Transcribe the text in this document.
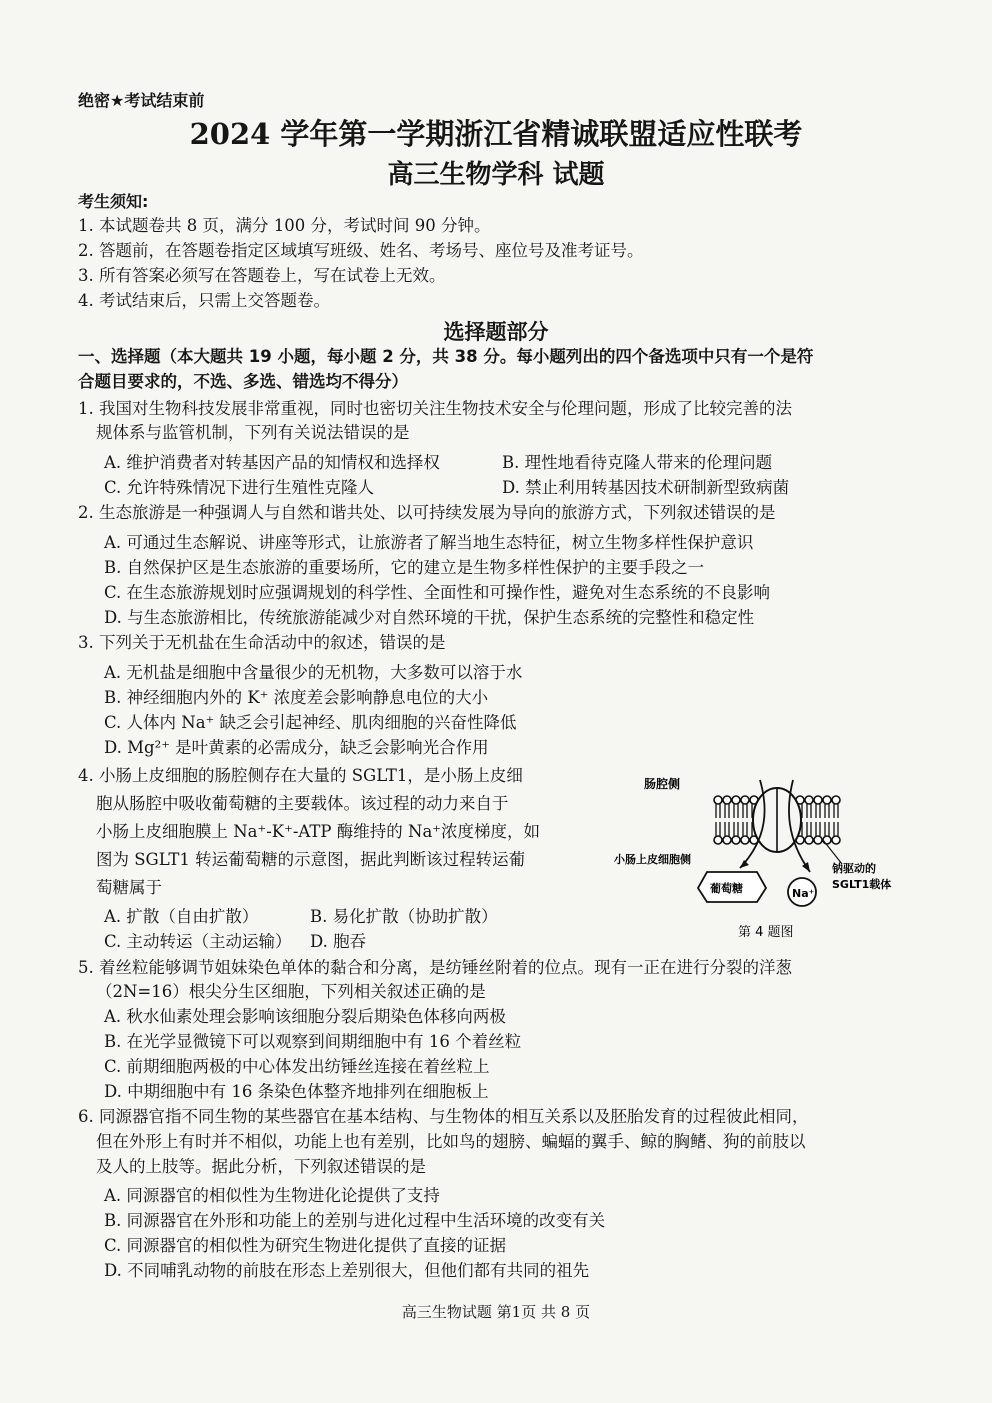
绝密★考试结束前
2024 学年第一学期浙江省精诚联盟适应性联考
高三生物学科 试题
考生须知:
1. 本试题卷共 8 页，满分 100 分，考试时间 90 分钟。
2. 答题前，在答题卷指定区域填写班级、姓名、考场号、座位号及准考证号。
3. 所有答案必须写在答题卷上，写在试卷上无效。
4. 考试结束后，只需上交答题卷。
选择题部分
一、选择题（本大题共 19 小题，每小题 2 分，共 38 分。每小题列出的四个备选项中只有一个是符
合题目要求的，不选、多选、错选均不得分）
1. 我国对生物科技发展非常重视，同时也密切关注生物技术安全与伦理问题，形成了比较完善的法
规体系与监管机制，下列有关说法错误的是
A. 维护消费者对转基因产品的知情权和选择权	B. 理性地看待克隆人带来的伦理问题
C. 允许特殊情况下进行生殖性克隆人	D. 禁止利用转基因技术研制新型致病菌
2. 生态旅游是一种强调人与自然和谐共处、以可持续发展为导向的旅游方式，下列叙述错误的是
A. 可通过生态解说、讲座等形式，让旅游者了解当地生态特征，树立生物多样性保护意识
B. 自然保护区是生态旅游的重要场所，它的建立是生物多样性保护的主要手段之一
C. 在生态旅游规划时应强调规划的科学性、全面性和可操作性，避免对生态系统的不良影响
D. 与生态旅游相比，传统旅游能减少对自然环境的干扰，保护生态系统的完整性和稳定性
3. 下列关于无机盐在生命活动中的叙述，错误的是
A. 无机盐是细胞中含量很少的无机物，大多数可以溶于水
B. 神经细胞内外的 K⁺ 浓度差会影响静息电位的大小
C. 人体内 Na⁺ 缺乏会引起神经、肌肉细胞的兴奋性降低
D. Mg²⁺ 是叶黄素的必需成分，缺乏会影响光合作用
4. 小肠上皮细胞的肠腔侧存在大量的 SGLT1，是小肠上皮细
胞从肠腔中吸收葡萄糖的主要载体。该过程的动力来自于
小肠上皮细胞膜上 Na⁺-K⁺-ATP 酶维持的 Na⁺浓度梯度，如
图为 SGLT1 转运葡萄糖的示意图，据此判断该过程转运葡
萄糖属于
A. 扩散（自由扩散）	B. 易化扩散（协助扩散）
C. 主动转运（主动运输） D. 胞吞
肠腔侧
葡萄糖	Na⁺
小肠上皮细胞侧
钠驱动的
SGLT1载体
第 4 题图
5. 着丝粒能够调节姐妹染色单体的黏合和分离，是纺锤丝附着的位点。现有一正在进行分裂的洋葱
（2N=16）根尖分生区细胞，下列相关叙述正确的是
A. 秋水仙素处理会影响该细胞分裂后期染色体移向两极
B. 在光学显微镜下可以观察到间期细胞中有 16 个着丝粒
C. 前期细胞两极的中心体发出纺锤丝连接在着丝粒上
D. 中期细胞中有 16 条染色体整齐地排列在细胞板上
6. 同源器官指不同生物的某些器官在基本结构、与生物体的相互关系以及胚胎发育的过程彼此相同，
但在外形上有时并不相似，功能上也有差别，比如鸟的翅膀、蝙蝠的翼手、鲸的胸鳍、狗的前肢以
及人的上肢等。据此分析，下列叙述错误的是
A. 同源器官的相似性为生物进化论提供了支持
B. 同源器官在外形和功能上的差别与进化过程中生活环境的改变有关
C. 同源器官的相似性为研究生物进化提供了直接的证据
D. 不同哺乳动物的前肢在形态上差别很大，但他们都有共同的祖先
高三生物试题 第1页 共 8 页
